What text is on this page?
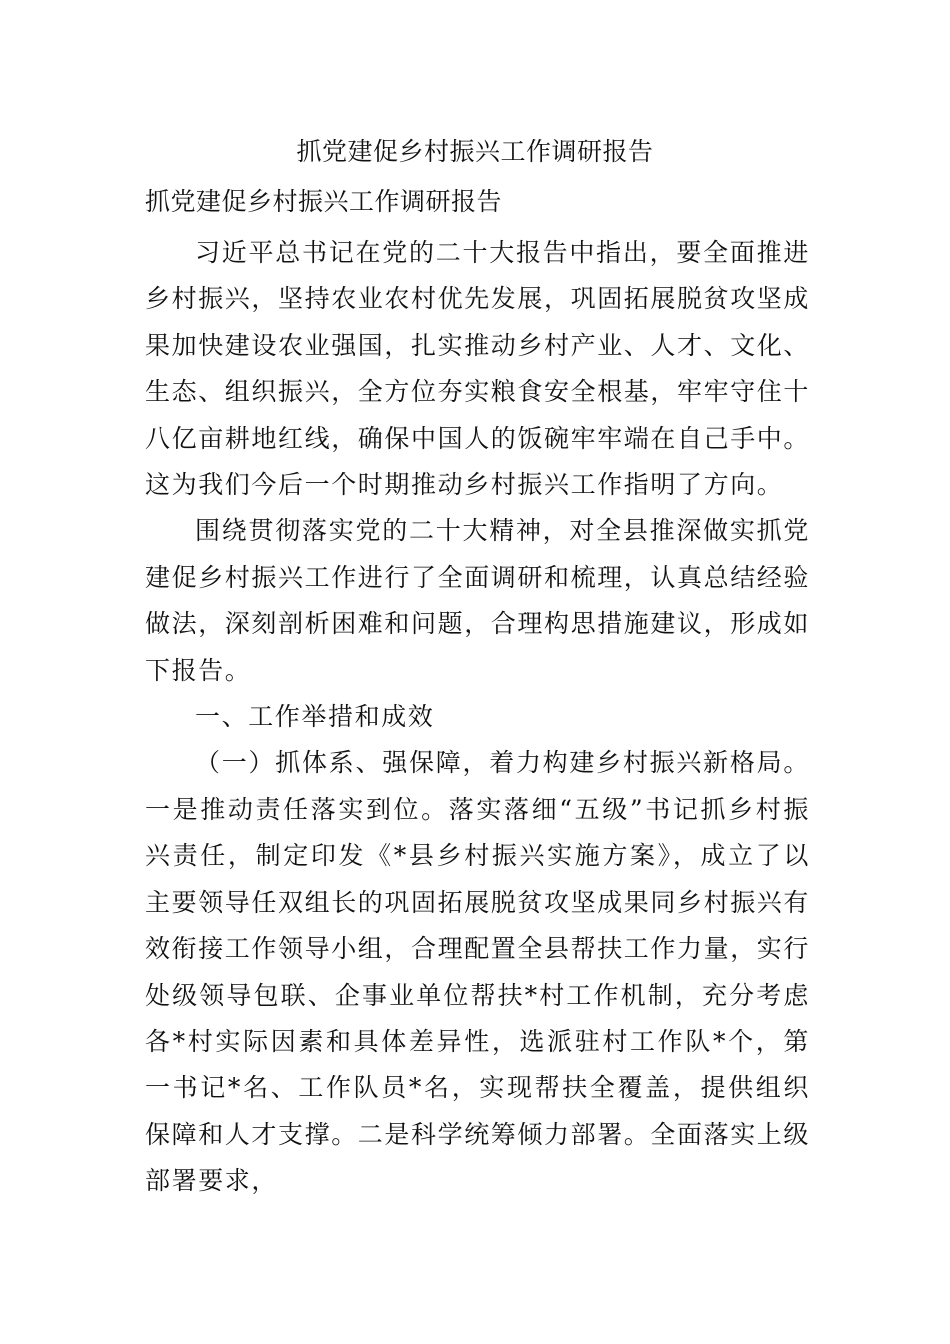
抓党建促乡村振兴工作调研报告
抓党建促乡村振兴工作调研报告

习近平总书记在党的二十大报告中指出，要全面推进乡村振兴，坚持农业农村优先发展，巩固拓展脱贫攻坚成果加快建设农业强国，扎实推动乡村产业、人才、文化、生态、组织振兴，全方位夯实粮食安全根基，牢牢守住十八亿亩耕地红线，确保中国人的饭碗牢牢端在自己手中。这为我们今后一个时期推动乡村振兴工作指明了方向。

围绕贯彻落实党的二十大精神，对全县推深做实抓党建促乡村振兴工作进行了全面调研和梳理，认真总结经验做法，深刻剖析困难和问题，合理构思措施建议，形成如下报告。

一、工作举措和成效

（一）抓体系、强保障，着力构建乡村振兴新格局。一是推动责任落实到位。落实落细“五级”书记抓乡村振兴责任，制定印发《*县乡村振兴实施方案》，成立了以主要领导任双组长的巩固拓展脱贫攻坚成果同乡村振兴有效衔接工作领导小组，合理配置全县帮扶工作力量，实行处级领导包联、企事业单位帮扶*村工作机制，充分考虑各*村实际因素和具体差异性，选派驻村工作队*个，第一书记*名、工作队员*名，实现帮扶全覆盖，提供组织保障和人才支撑。二是科学统筹倾力部署。全面落实上级部署要求，
